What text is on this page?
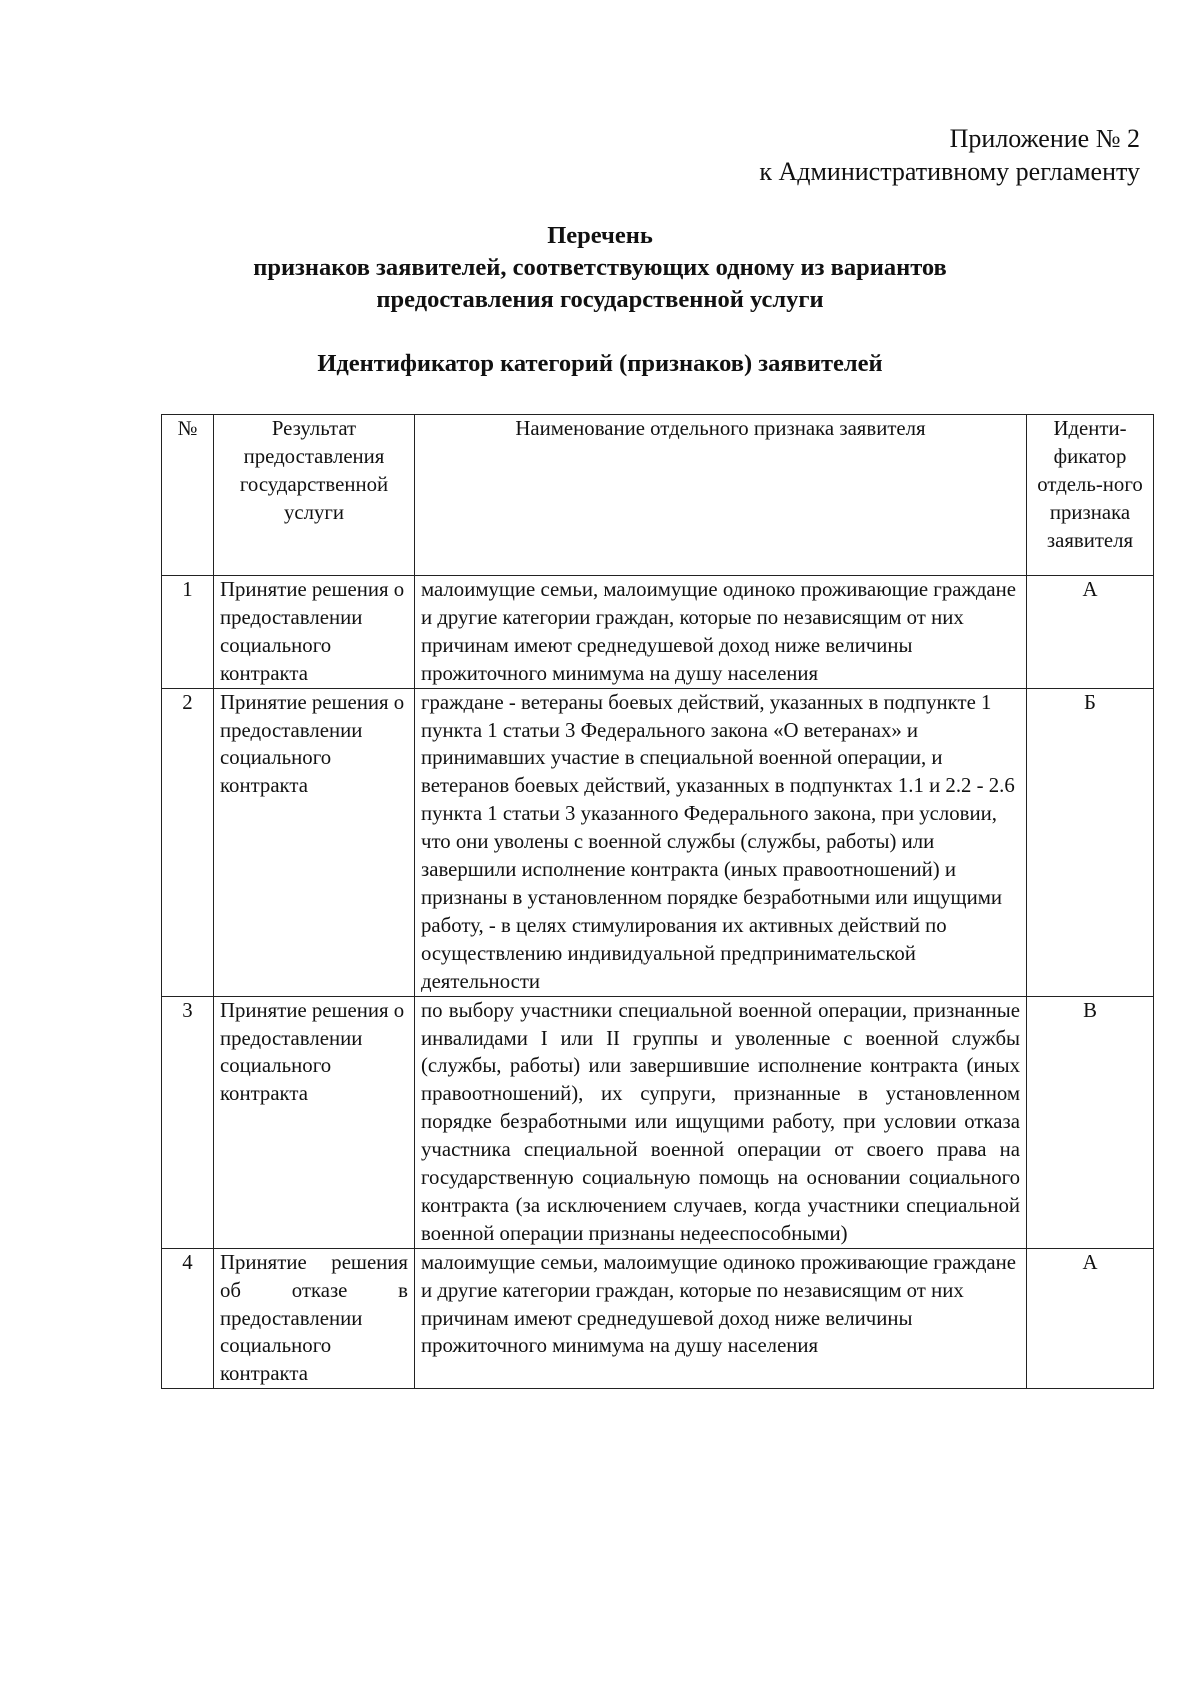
Приложение № 2
к Административному регламенту
Перечень
признаков заявителей, соответствующих одному из вариантов
предоставления государственной услуги
Идентификатор категорий (признаков) заявителей
№	Результат предоставления государственной услуги	Наименование отдельного признака заявителя	Иденти-фикатор отдель-ного признака заявителя
1	Принятие решения о предоставлении социального контракта	малоимущие семьи, малоимущие одиноко проживающие граждане и другие категории граждан, которые по независящим от них причинам имеют среднедушевой доход ниже величины прожиточного минимума на душу населения	А
2	Принятие решения о предоставлении социального контракта	граждане - ветераны боевых действий, указанных в подпункте 1 пункта 1 статьи 3 Федерального закона «О ветеранах» и принимавших участие в специальной военной операции, и ветеранов боевых действий, указанных в подпунктах 1.1 и 2.2 - 2.6 пункта 1 статьи 3 указанного Федерального закона, при условии, что они уволены с военной службы (службы, работы) или завершили исполнение контракта (иных правоотношений) и признаны в установленном порядке безработными или ищущими работу, - в целях стимулирования их активных действий по осуществлению индивидуальной предпринимательской деятельности	Б
3	Принятие решения о предоставлении социального контракта	по выбору участники специальной военной операции, признанные инвалидами I или II группы и уволенные с военной службы (службы, работы) или завершившие исполнение контракта (иных правоотношений), их супруги, признанные в установленном порядке безработными или ищущими работу, при условии отказа участника специальной военной операции от своего права на государственную социальную помощь на основании социального контракта (за исключением случаев, когда участники специальной военной операции признаны недееспособными)	В
4	Принятие решения об отказе в предоставлении социального контракта	малоимущие семьи, малоимущие одиноко проживающие граждане и другие категории граждан, которые по независящим от них причинам имеют среднедушевой доход ниже величины прожиточного минимума на душу населения	А
